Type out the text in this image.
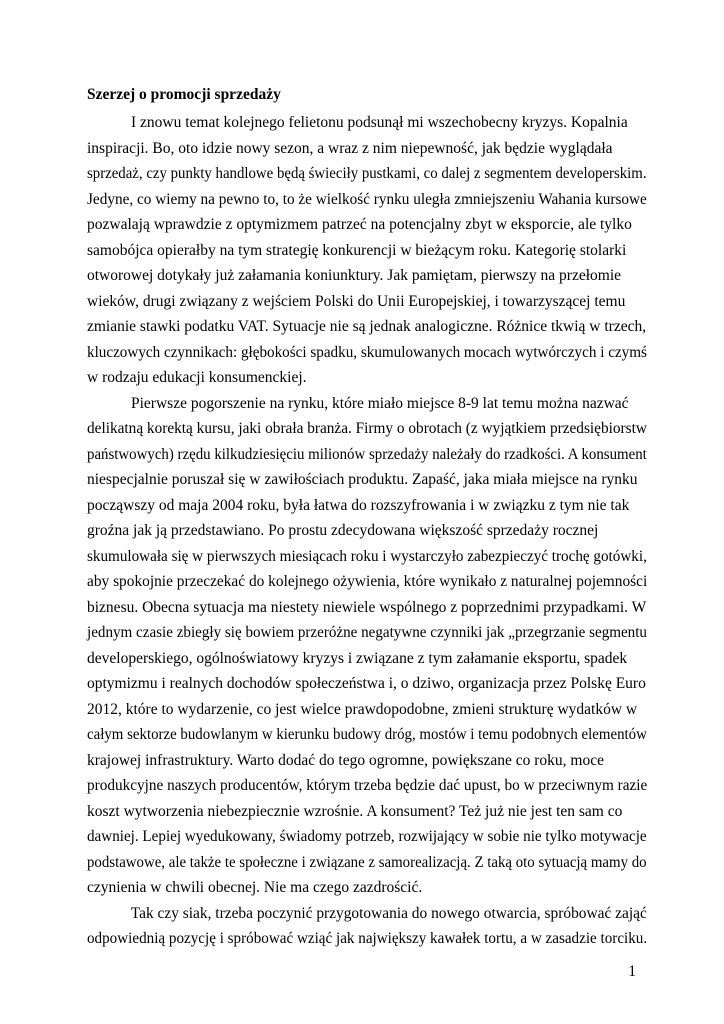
Szerzej o promocji sprzedaży
I znowu temat kolejnego felietonu podsunął mi wszechobecny kryzys. Kopalnia
inspiracji. Bo, oto idzie nowy sezon, a wraz z nim niepewność, jak będzie wyglądała
sprzedaż, czy punkty handlowe będą świeciły pustkami, co dalej z segmentem developerskim.
Jedyne, co wiemy na pewno to, to że wielkość rynku uległa zmniejszeniu Wahania kursowe
pozwalają wprawdzie z optymizmem patrzeć na potencjalny zbyt w eksporcie, ale tylko
samobójca opierałby na tym strategię konkurencji w bieżącym roku. Kategorię stolarki
otworowej dotykały już załamania koniunktury. Jak pamiętam, pierwszy na przełomie
wieków, drugi związany z wejściem Polski do Unii Europejskiej, i towarzyszącej temu
zmianie stawki podatku VAT. Sytuacje nie są jednak analogiczne. Różnice tkwią w trzech,
kluczowych czynnikach: głębokości spadku, skumulowanych mocach wytwórczych i czymś
w rodzaju edukacji konsumenckiej.
Pierwsze pogorszenie na rynku, które miało miejsce 8-9 lat temu można nazwać
delikatną korektą kursu, jaki obrała branża. Firmy o obrotach (z wyjątkiem przedsiębiorstw
państwowych) rzędu kilkudziesięciu milionów sprzedaży należały do rzadkości. A konsument
niespecjalnie poruszał się w zawiłościach produktu. Zapaść, jaka miała miejsce na rynku
począwszy od maja 2004 roku, była łatwa do rozszyfrowania i w związku z tym nie tak
groźna jak ją przedstawiano. Po prostu zdecydowana większość sprzedaży rocznej
skumulowała się w pierwszych miesiącach roku i wystarczyło zabezpieczyć trochę gotówki,
aby spokojnie przeczekać do kolejnego ożywienia, które wynikało z naturalnej pojemności
biznesu. Obecna sytuacja ma niestety niewiele wspólnego z poprzednimi przypadkami. W
jednym czasie zbiegły się bowiem przeróżne negatywne czynniki jak „przegrzanie segmentu
developerskiego, ogólnoświatowy kryzys i związane z tym załamanie eksportu, spadek
optymizmu i realnych dochodów społeczeństwa i, o dziwo, organizacja przez Polskę Euro
2012, które to wydarzenie, co jest wielce prawdopodobne, zmieni strukturę wydatków w
całym sektorze budowlanym w kierunku budowy dróg, mostów i temu podobnych elementów
krajowej infrastruktury. Warto dodać do tego ogromne, powiększane co roku, moce
produkcyjne naszych producentów, którym trzeba będzie dać upust, bo w przeciwnym razie
koszt wytworzenia niebezpiecznie wzrośnie. A konsument? Też już nie jest ten sam co
dawniej. Lepiej wyedukowany, świadomy potrzeb, rozwijający w sobie nie tylko motywacje
podstawowe, ale także te społeczne i związane z samorealizacją. Z taką oto sytuacją mamy do
czynienia w chwili obecnej. Nie ma czego zazdrościć.
Tak czy siak, trzeba poczynić przygotowania do nowego otwarcia, spróbować zająć
odpowiednią pozycję i spróbować wziąć jak największy kawałek tortu, a w zasadzie torciku.
1
